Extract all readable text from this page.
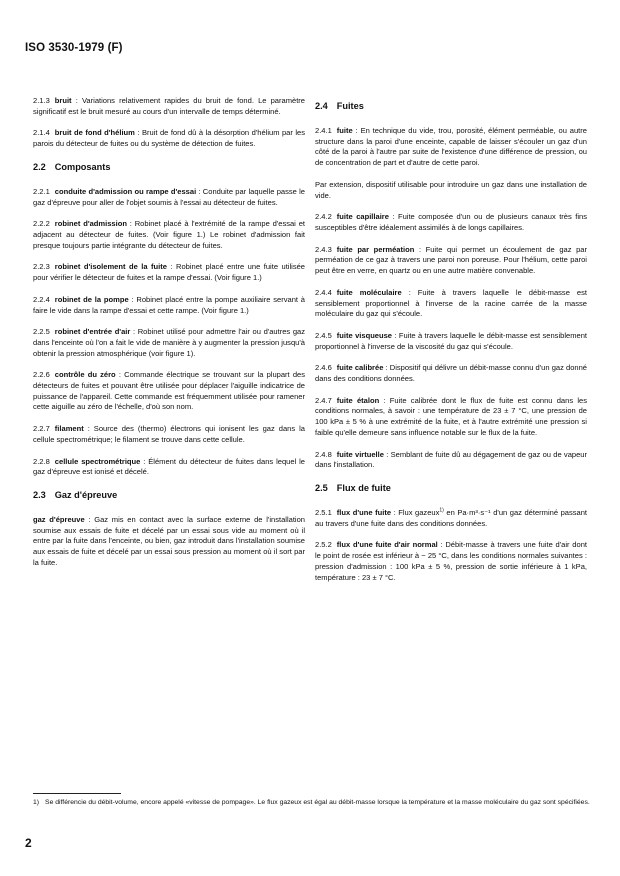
ISO 3530-1979 (F)

2.1.3 bruit : Variations relativement rapides du bruit de fond. Le paramètre significatif est le bruit mesuré au cours d'un intervalle de temps déterminé.

2.1.4 bruit de fond d'hélium : Bruit de fond dû à la désorption d'hélium par les parois du détecteur de fuites ou du système de détection de fuites.

2.2 Composants

2.2.1 conduite d'admission ou rampe d'essai : Conduite par laquelle passe le gaz d'épreuve pour aller de l'objet soumis à l'essai au détecteur de fuites.

2.2.2 robinet d'admission : Robinet placé à l'extrémité de la rampe d'essai et adjacent au détecteur de fuites. (Voir figure 1.) Le robinet d'admission fait presque toujours partie intégrante du détecteur de fuites.

2.2.3 robinet d'isolement de la fuite : Robinet placé entre une fuite utilisée pour vérifier le détecteur de fuites et la rampe d'essai. (Voir figure 1.)

2.2.4 robinet de la pompe : Robinet placé entre la pompe auxiliaire servant à faire le vide dans la rampe d'essai et cette rampe. (Voir figure 1.)

2.2.5 robinet d'entrée d'air : Robinet utilisé pour admettre l'air ou d'autres gaz dans l'enceinte où l'on a fait le vide de manière à y augmenter la pression jusqu'à obtenir la pression atmosphérique (voir figure 1).

2.2.6 contrôle du zéro : Commande électrique se trouvant sur la plupart des détecteurs de fuites et pouvant être utilisée pour déplacer l'aiguille indicatrice de puissance de l'appareil. Cette commande est fréquemment utilisée pour ramener cette aiguille au zéro de l'échelle, d'où son nom.

2.2.7 filament : Source des (thermo) électrons qui ionisent les gaz dans la cellule spectrométrique; le filament se trouve dans cette cellule.

2.2.8 cellule spectrométrique : Élément du détecteur de fuites dans lequel le gaz d'épreuve est ionisé et décelé.

2.3 Gaz d'épreuve

gaz d'épreuve : Gaz mis en contact avec la surface externe de l'installation soumise aux essais de fuite et décelé par un essai sous vide au moment où il entre par la fuite dans l'enceinte, ou bien, gaz introduit dans l'installation soumise aux essais de fuite et décelé par un essai sous pression au moment où il sort par la fuite.

2.4 Fuites

2.4.1 fuite : En technique du vide, trou, porosité, élément perméable, ou autre structure dans la paroi d'une enceinte, capable de laisser s'écouler un gaz d'un côté de la paroi à l'autre par suite de l'existence d'une différence de pression, ou de concentration de part et d'autre de cette paroi.

Par extension, dispositif utilisable pour introduire un gaz dans une installation de vide.

2.4.2 fuite capillaire : Fuite composée d'un ou de plusieurs canaux très fins susceptibles d'être idéalement assimilés à de longs capillaires.

2.4.3 fuite par perméation : Fuite qui permet un écoulement de gaz par perméation de ce gaz à travers une paroi non poreuse. Pour l'hélium, cette paroi peut être en verre, en quartz ou en une autre matière convenable.

2.4.4 fuite moléculaire : Fuite à travers laquelle le débit-masse est sensiblement proportionnel à l'inverse de la racine carrée de la masse moléculaire du gaz qui s'écoule.

2.4.5 fuite visqueuse : Fuite à travers laquelle le débit-masse est sensiblement proportionnel à l'inverse de la viscosité du gaz qui s'écoule.

2.4.6 fuite calibrée : Dispositif qui délivre un débit-masse connu d'un gaz donné dans des conditions données.

2.4.7 fuite étalon : Fuite calibrée dont le flux de fuite est connu dans les conditions normales, à savoir : une température de 23 ± 7 °C, une pression de 100 kPa ± 5 % à une extrémité de la fuite, et à l'autre extrémité une pression si faible qu'elle demeure sans influence notable sur le flux de la fuite.

2.4.8 fuite virtuelle : Semblant de fuite dû au dégagement de gaz ou de vapeur dans l'installation.

2.5 Flux de fuite

2.5.1 flux d'une fuite : Flux gazeux$^{1)}$ en Pa·m³·s⁻¹ d'un gaz déterminé passant au travers d'une fuite dans des conditions données.

2.5.2 flux d'une fuite d'air normal : Débit-masse à travers une fuite d'air dont le point de rosée est inférieur à − 25 °C, dans les conditions normales suivantes : pression d'admission : 100 kPa ± 5 %, pression de sortie inférieure à 1 kPa, température : 23 ± 7 °C.

1) Se différencie du débit-volume, encore appelé «vitesse de pompage». Le flux gazeux est égal au débit-masse lorsque la température et la masse moléculaire du gaz sont spécifiées.
2
